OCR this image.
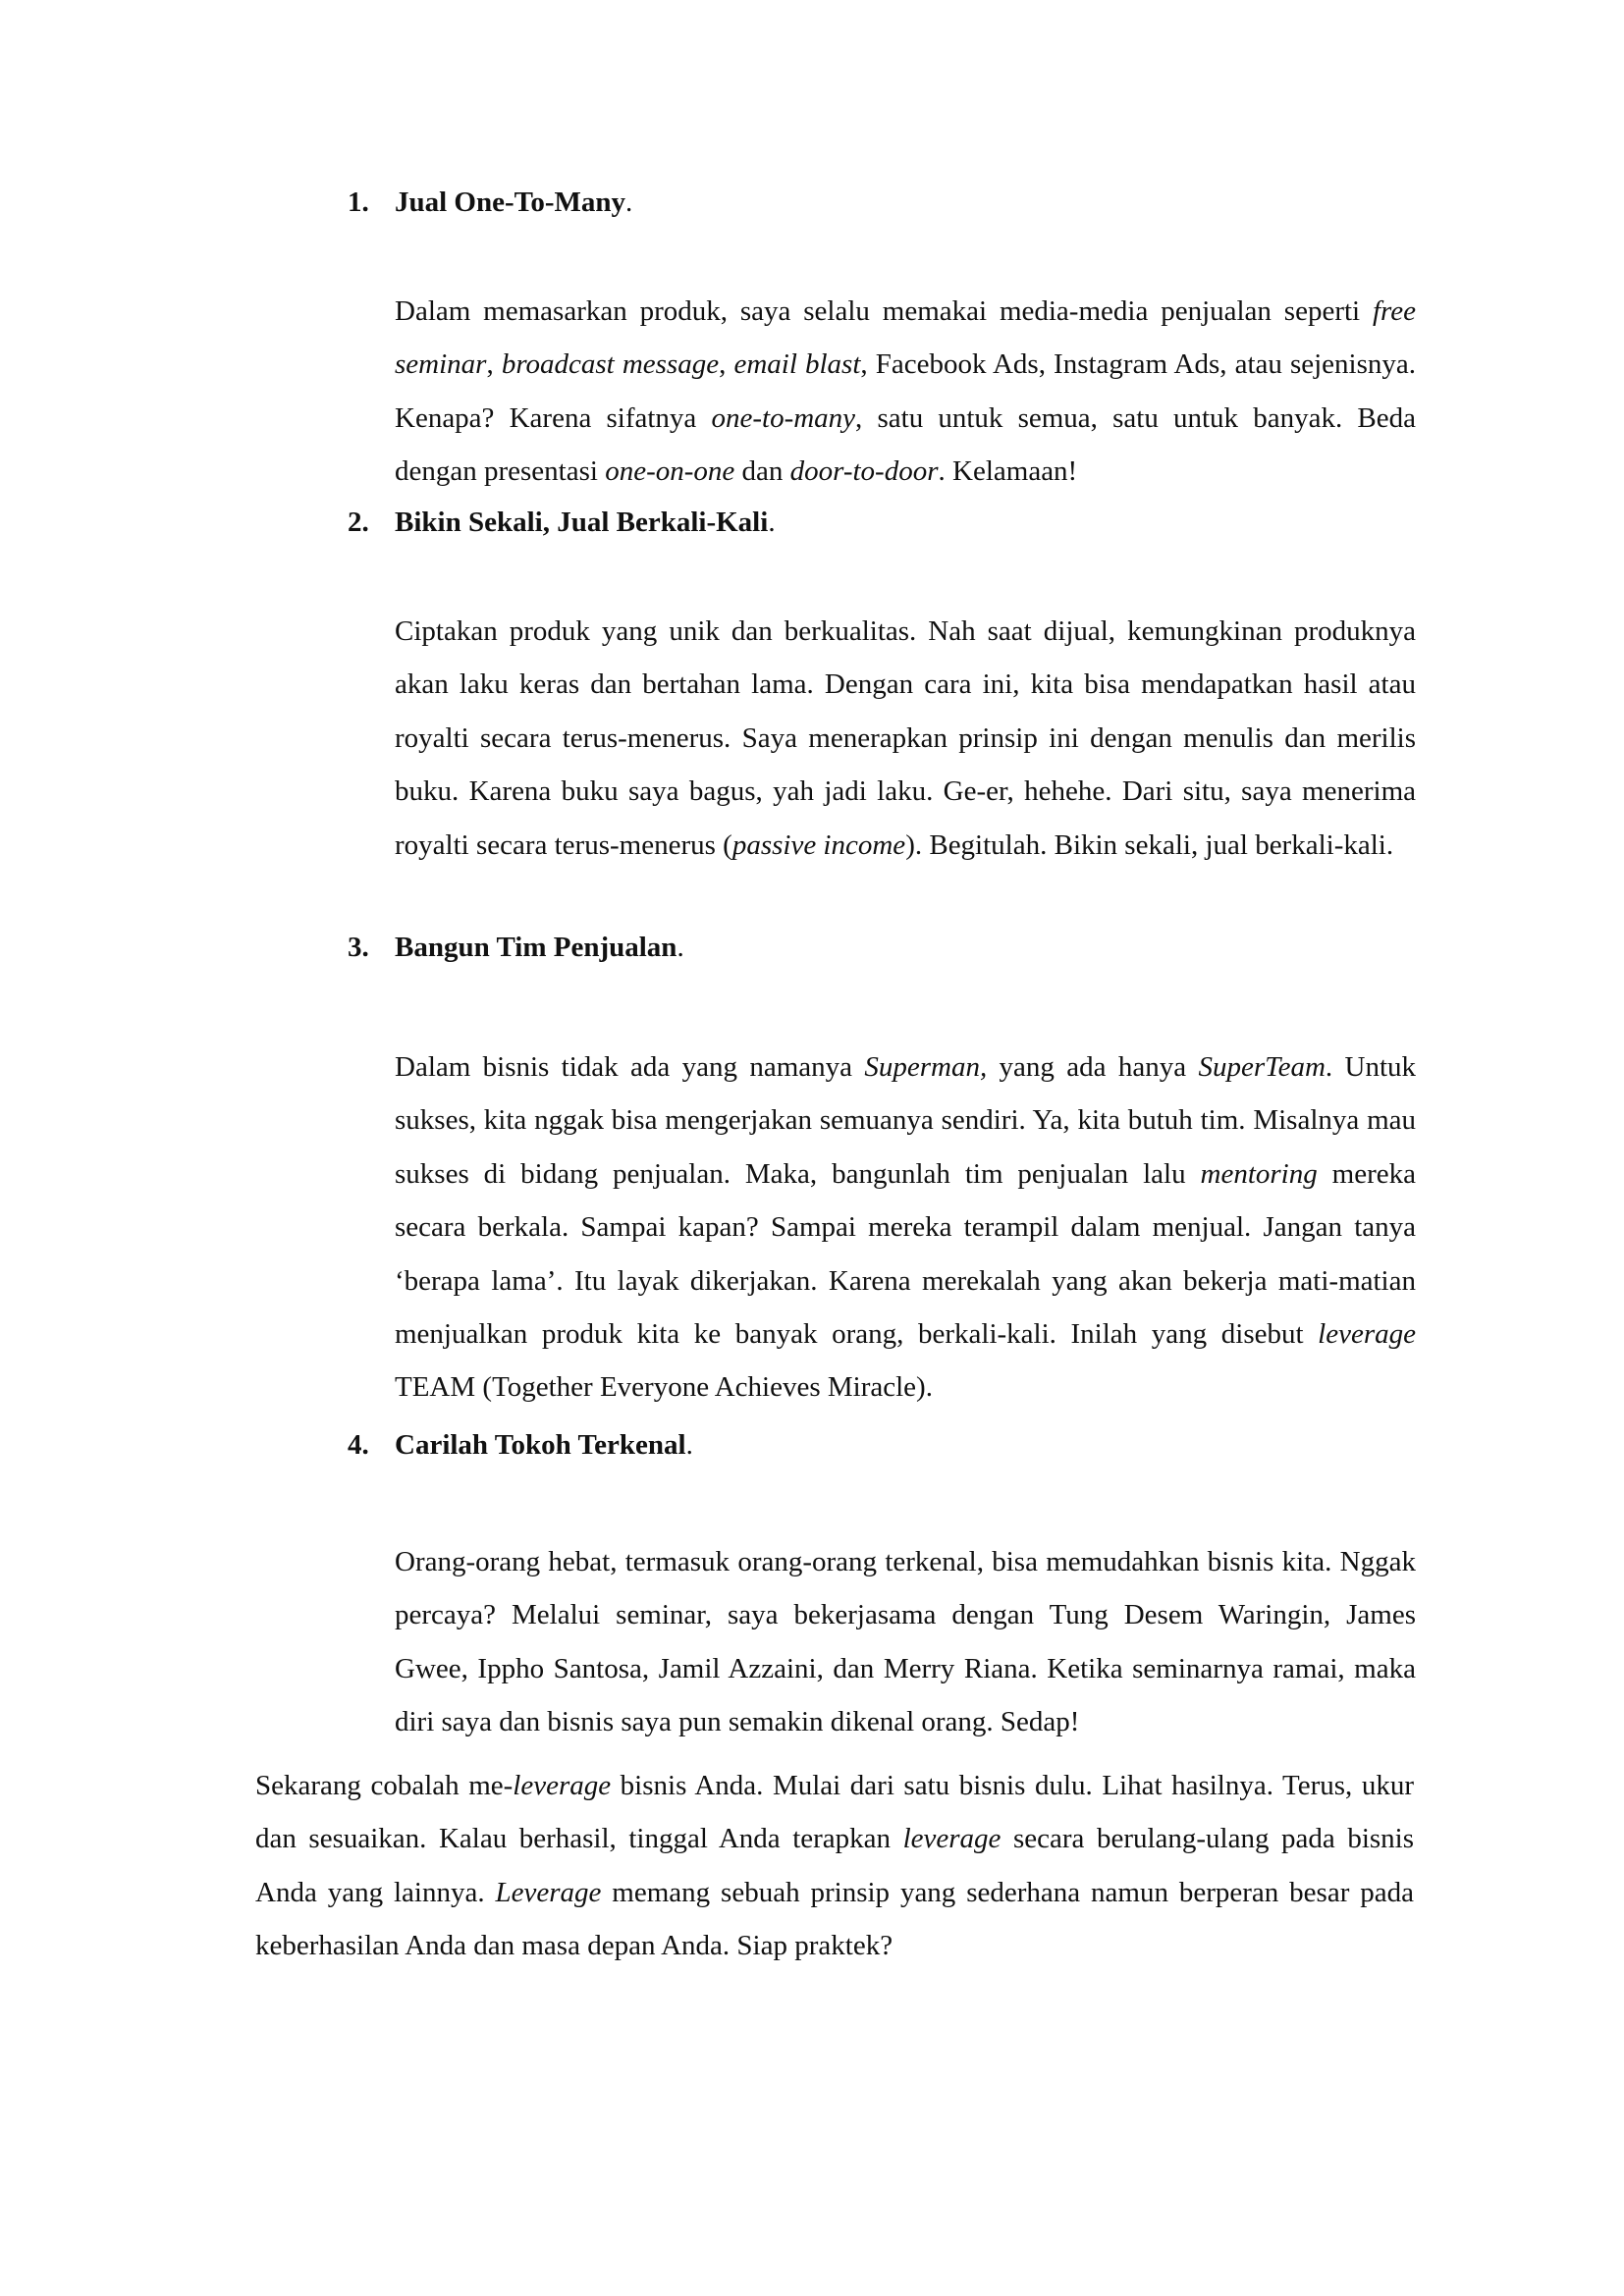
1. Jual One-To-Many.
Dalam memasarkan produk, saya selalu memakai media-media penjualan seperti free seminar, broadcast message, email blast, Facebook Ads, Instagram Ads, atau sejenisnya. Kenapa? Karena sifatnya one-to-many, satu untuk semua, satu untuk banyak. Beda dengan presentasi one-on-one dan door-to-door. Kelamaan!
2. Bikin Sekali, Jual Berkali-Kali.
Ciptakan produk yang unik dan berkualitas. Nah saat dijual, kemungkinan produknya akan laku keras dan bertahan lama. Dengan cara ini, kita bisa mendapatkan hasil atau royalti secara terus-menerus. Saya menerapkan prinsip ini dengan menulis dan merilis buku. Karena buku saya bagus, yah jadi laku. Ge-er, hehehe. Dari situ, saya menerima royalti secara terus-menerus (passive income). Begitulah. Bikin sekali, jual berkali-kali.
3. Bangun Tim Penjualan.
Dalam bisnis tidak ada yang namanya Superman, yang ada hanya SuperTeam. Untuk sukses, kita nggak bisa mengerjakan semuanya sendiri. Ya, kita butuh tim. Misalnya mau sukses di bidang penjualan. Maka, bangunlah tim penjualan lalu mentoring mereka secara berkala. Sampai kapan? Sampai mereka terampil dalam menjual. Jangan tanya ‘berapa lama’. Itu layak dikerjakan. Karena merekalah yang akan bekerja mati-matian menjualkan produk kita ke banyak orang, berkali-kali. Inilah yang disebut leverage TEAM (Together Everyone Achieves Miracle).
4. Carilah Tokoh Terkenal.
Orang-orang hebat, termasuk orang-orang terkenal, bisa memudahkan bisnis kita. Nggak percaya? Melalui seminar, saya bekerjasama dengan Tung Desem Waringin, James Gwee, Ippho Santosa, Jamil Azzaini, dan Merry Riana. Ketika seminarnya ramai, maka diri saya dan bisnis saya pun semakin dikenal orang. Sedap!
Sekarang cobalah me-leverage bisnis Anda. Mulai dari satu bisnis dulu. Lihat hasilnya. Terus, ukur dan sesuaikan. Kalau berhasil, tinggal Anda terapkan leverage secara berulang-ulang pada bisnis Anda yang lainnya. Leverage memang sebuah prinsip yang sederhana namun berperan besar pada keberhasilan Anda dan masa depan Anda. Siap praktek?
